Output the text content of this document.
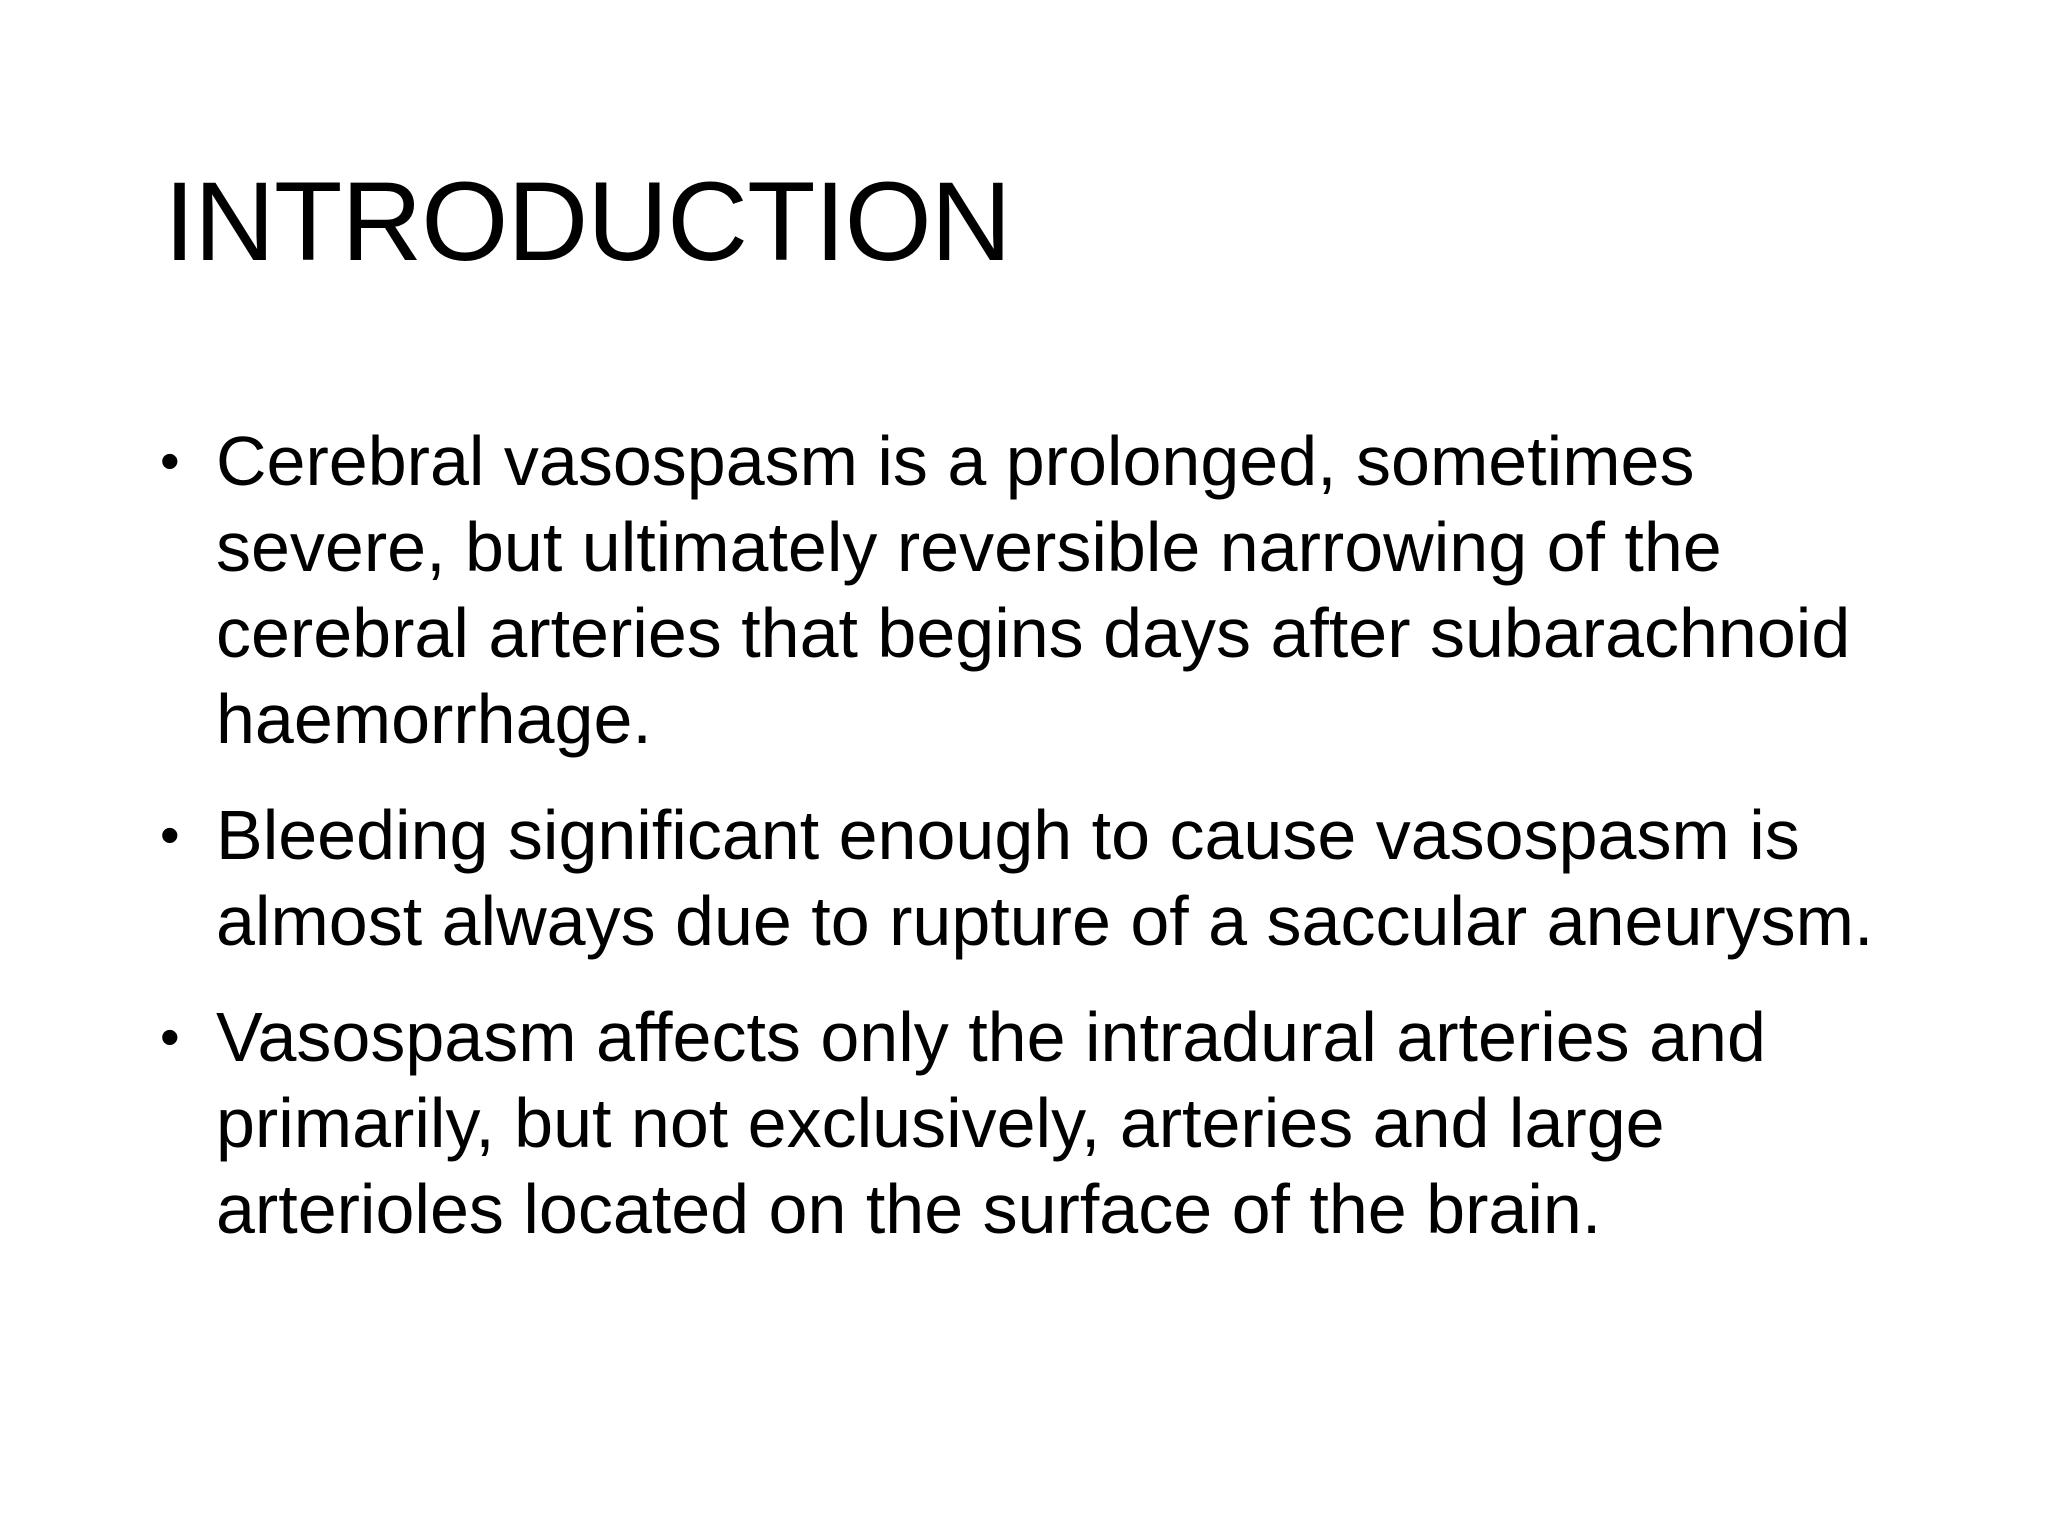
INTRODUCTION
• Cerebral vasospasm is a prolonged, sometimes severe, but ultimately reversible narrowing of the cerebral arteries that begins days after subarachnoid haemorrhage.
• Bleeding significant enough to cause vasospasm is almost always due to rupture of a saccular aneurysm.
• Vasospasm affects only the intradural arteries and primarily, but not exclusively, arteries and large arterioles located on the surface of the brain.
